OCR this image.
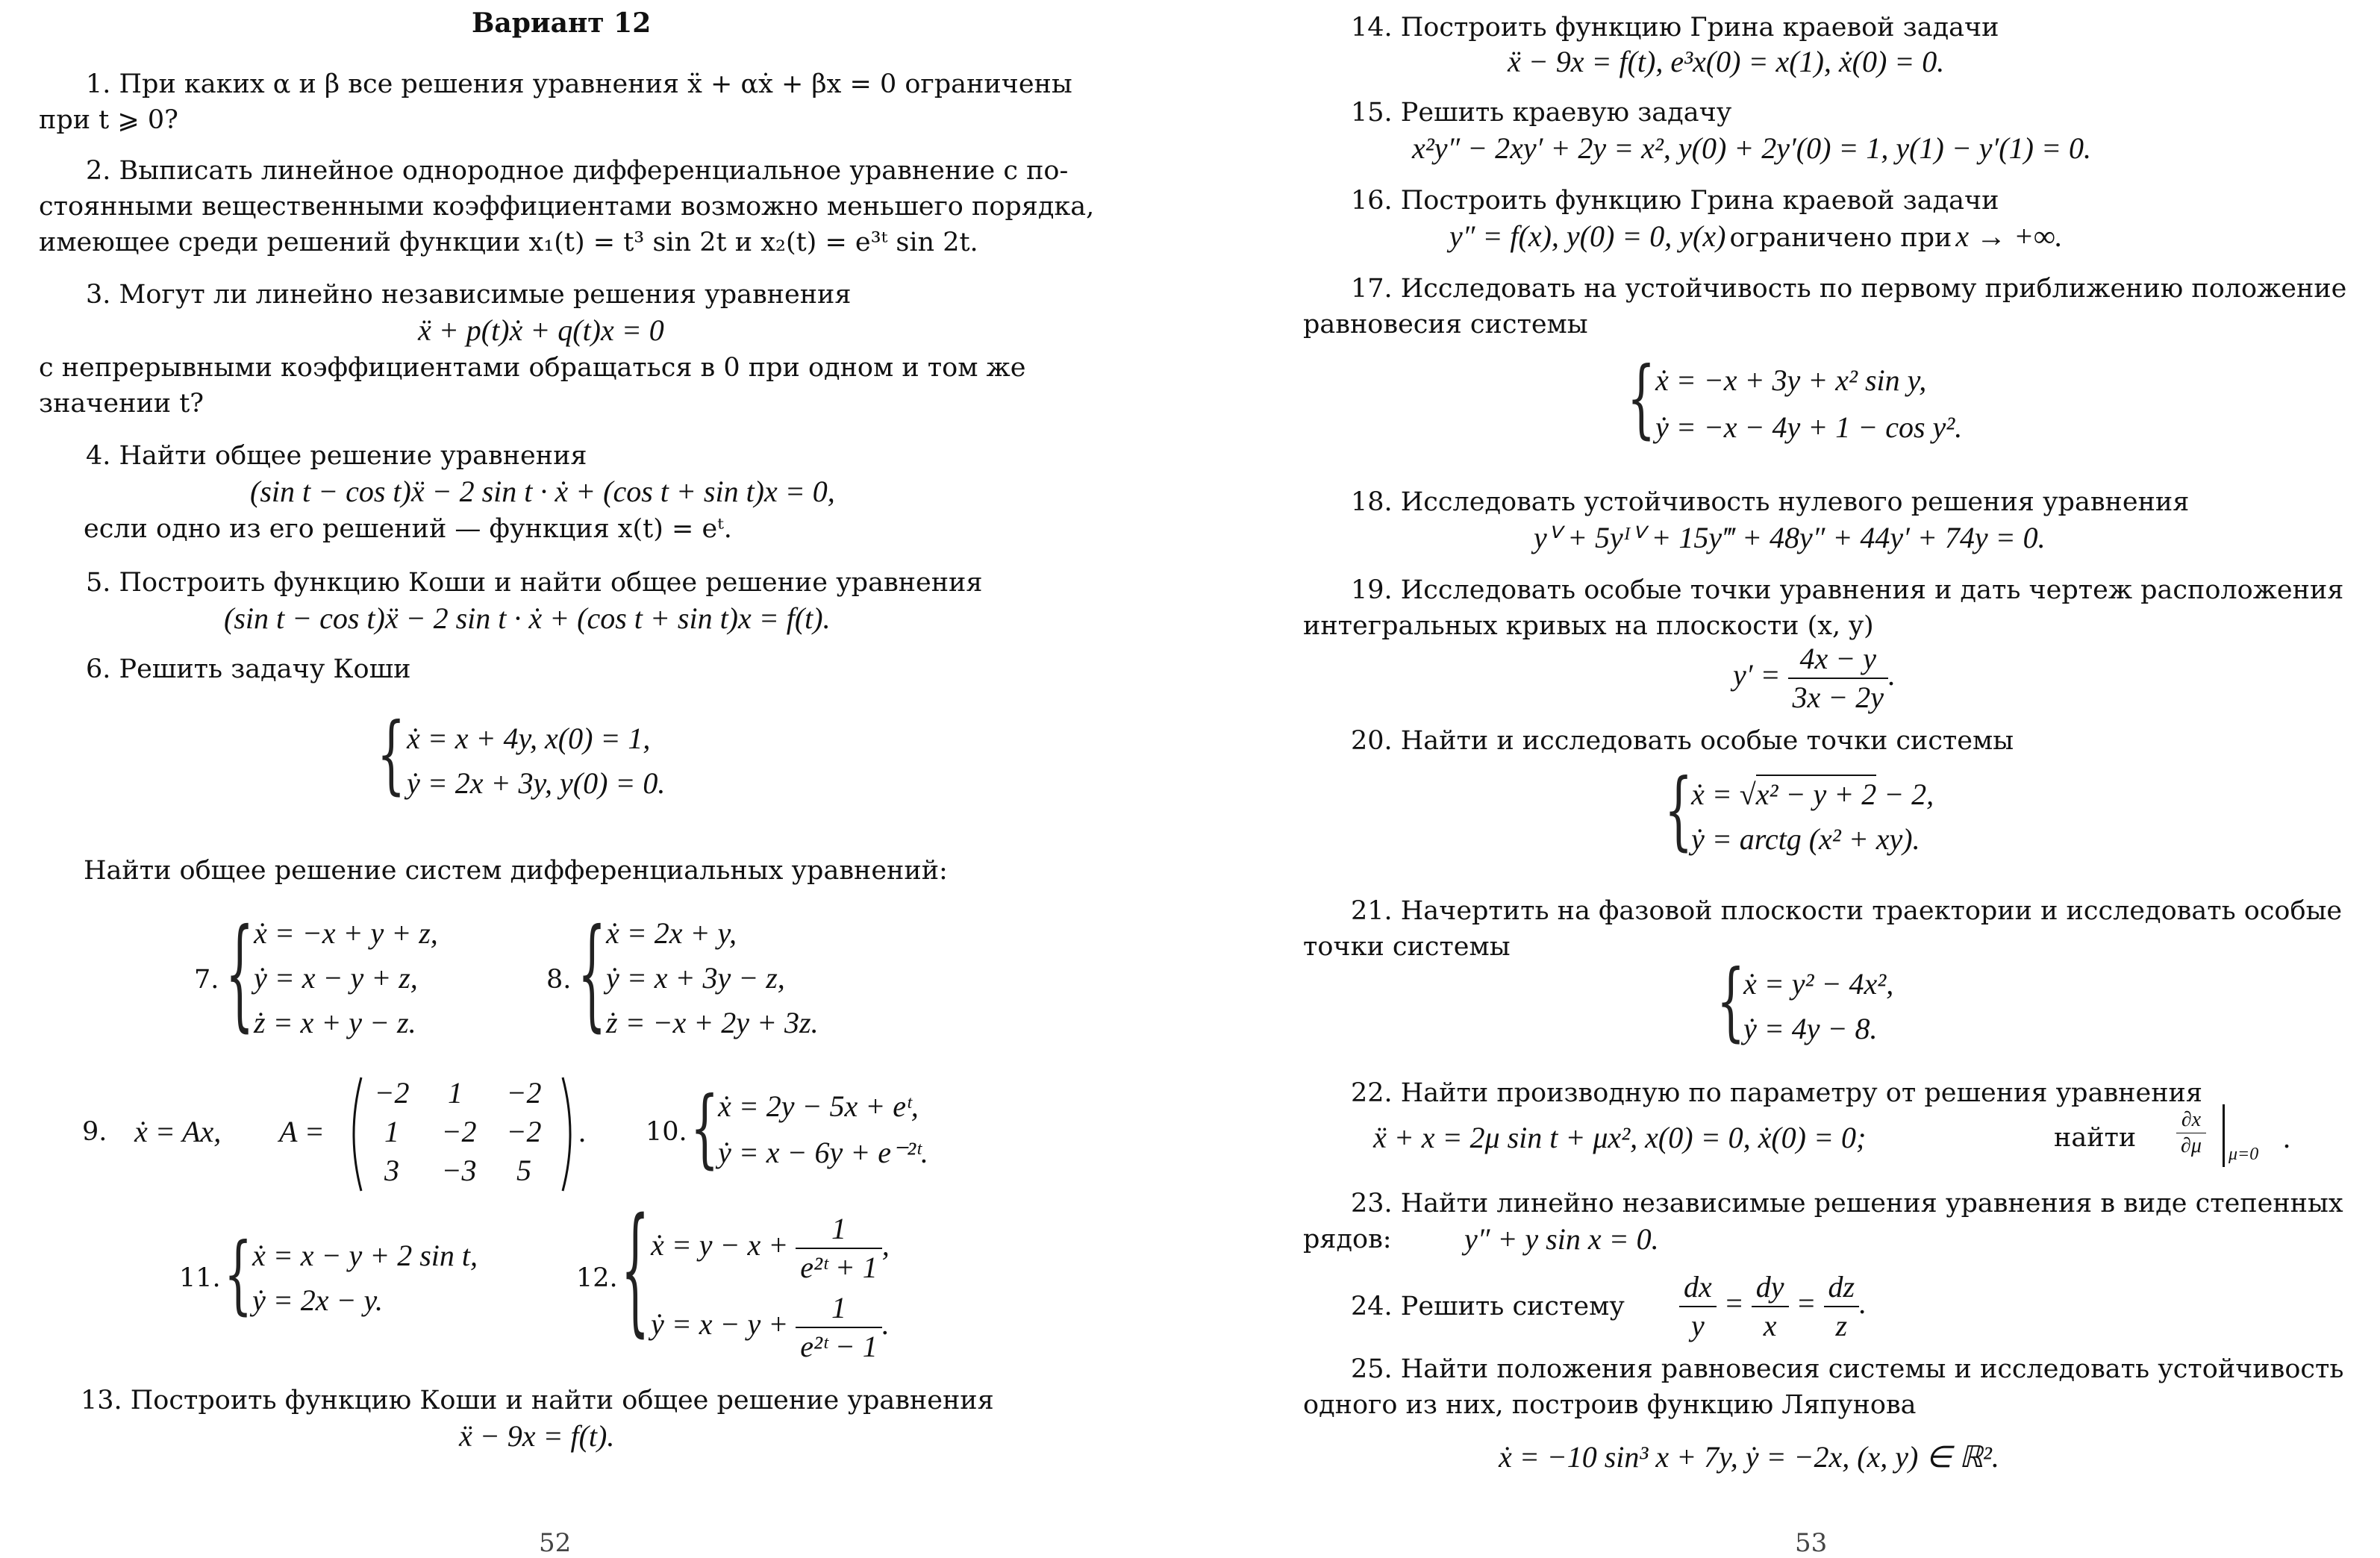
Вариант 12
1. При каких α и β все решения уравнения ẍ + αẋ + βx = 0 ограничены
при t ⩾ 0?
2. Выписать линейное однородное дифференциальное уравнение с по-
стоянными вещественными коэффициентами возможно меньшего порядка,
имеющее среди решений функции x₁(t) = t³ sin 2t и x₂(t) = e³ᵗ sin 2t.
3. Могут ли линейно независимые решения уравнения
ẍ + p(t)ẋ + q(t)x = 0
с непрерывными коэффициентами обращаться в 0 при одном и том же
значении t?
4. Найти общее решение уравнения
(sin t − cos t)ẍ − 2 sin t · ẋ + (cos t + sin t)x = 0,
если одно из его решений — функция x(t) = eᵗ.
5. Построить функцию Коши и найти общее решение уравнения
(sin t − cos t)ẍ − 2 sin t · ẋ + (cos t + sin t)x = f(t).
6. Решить задачу Коши
{ ẋ = x + 4y, x(0) = 1,
ẏ = 2x + 3y, y(0) = 0.
Найти общее решение систем дифференциальных уравнений:
7. { ẋ = −x + y + z,
ẏ = x − y + z,
ż = x + y − z.
8. { ẋ = 2x + y,
ẏ = x + 3y − z,
ż = −x + 2y + 3z.
9. ẋ = Ax, A =
−2	1	−2
1	−2 −2
3	−3	5
. 10. {
ẋ = 2y − 5x + eᵗ,
ẏ = x − 6y + e⁻²ᵗ.
11. { ẋ = x − y + 2 sin t,
ẏ = 2x − y.
12. { ẋ = $y - x + \frac{1}{\text{e²ᵗ + 1}}$ ,
ẏ = $x - y + \frac{1}{\text{e²ᵗ − 1}}$ .
13. Построить функцию Коши и найти общее решение уравнения
ẍ − 9x = f(t).
52
14. Построить функцию Грина краевой задачи
ẍ − 9x = f(t), e³x(0) = x(1), ẋ(0) = 0.
15. Решить краевую задачу
x²y″ − 2xy′ + 2y = x², y(0) + 2y′(0) = 1, y(1) − y′(1) = 0.
16. Построить функцию Грина краевой задачи
y″ = f(x), y(0) = 0, y(x) ограничено при x → +∞.
17. Исследовать на устойчивость по первому приближению положение
равновесия системы
{ ẋ = −x + 3y + x² sin y,
ẏ = −x − 4y + 1 − cos y².
18. Исследовать устойчивость нулевого решения уравнения
yⱽ + 5yᴵⱽ + 15y‴ + 48y″ + 44y′ + 74y = 0.
19. Исследовать особые точки уравнения и дать чертеж расположения
интегральных кривых на плоскости (x, y)
$y' = \frac{4x - y}{3x - 2y}$ .
20. Найти и исследовать особые точки системы
{
ẋ = √x² − y + 2 − 2,
ẏ = arctg (x² + xy).
21. Начертить на фазовой плоскости траектории и исследовать особые
точки системы
{
ẋ = y² − 4x²,
ẏ = 4y − 8.
22. Найти производную по параметру от решения уравнения
ẍ + x = 2μ sin t + μx², x(0) = 0, ẋ(0) = 0;	найти $\frac{\partial x}{\partial\mu} \mu=0$ .
23. Найти линейно независимые решения уравнения в виде степенных
рядов: y″ + y sin x = 0.
24. Решить систему $\frac{dx}{y} = \frac{dy}{x} = \frac{dz}{z}$ .
25. Найти положения равновесия системы и исследовать устойчивость
одного из них, построив функцию Ляпунова
ẋ = −10 sin³ x + 7y, ẏ = −2x, (x, y) ∈ ℝ².
53
